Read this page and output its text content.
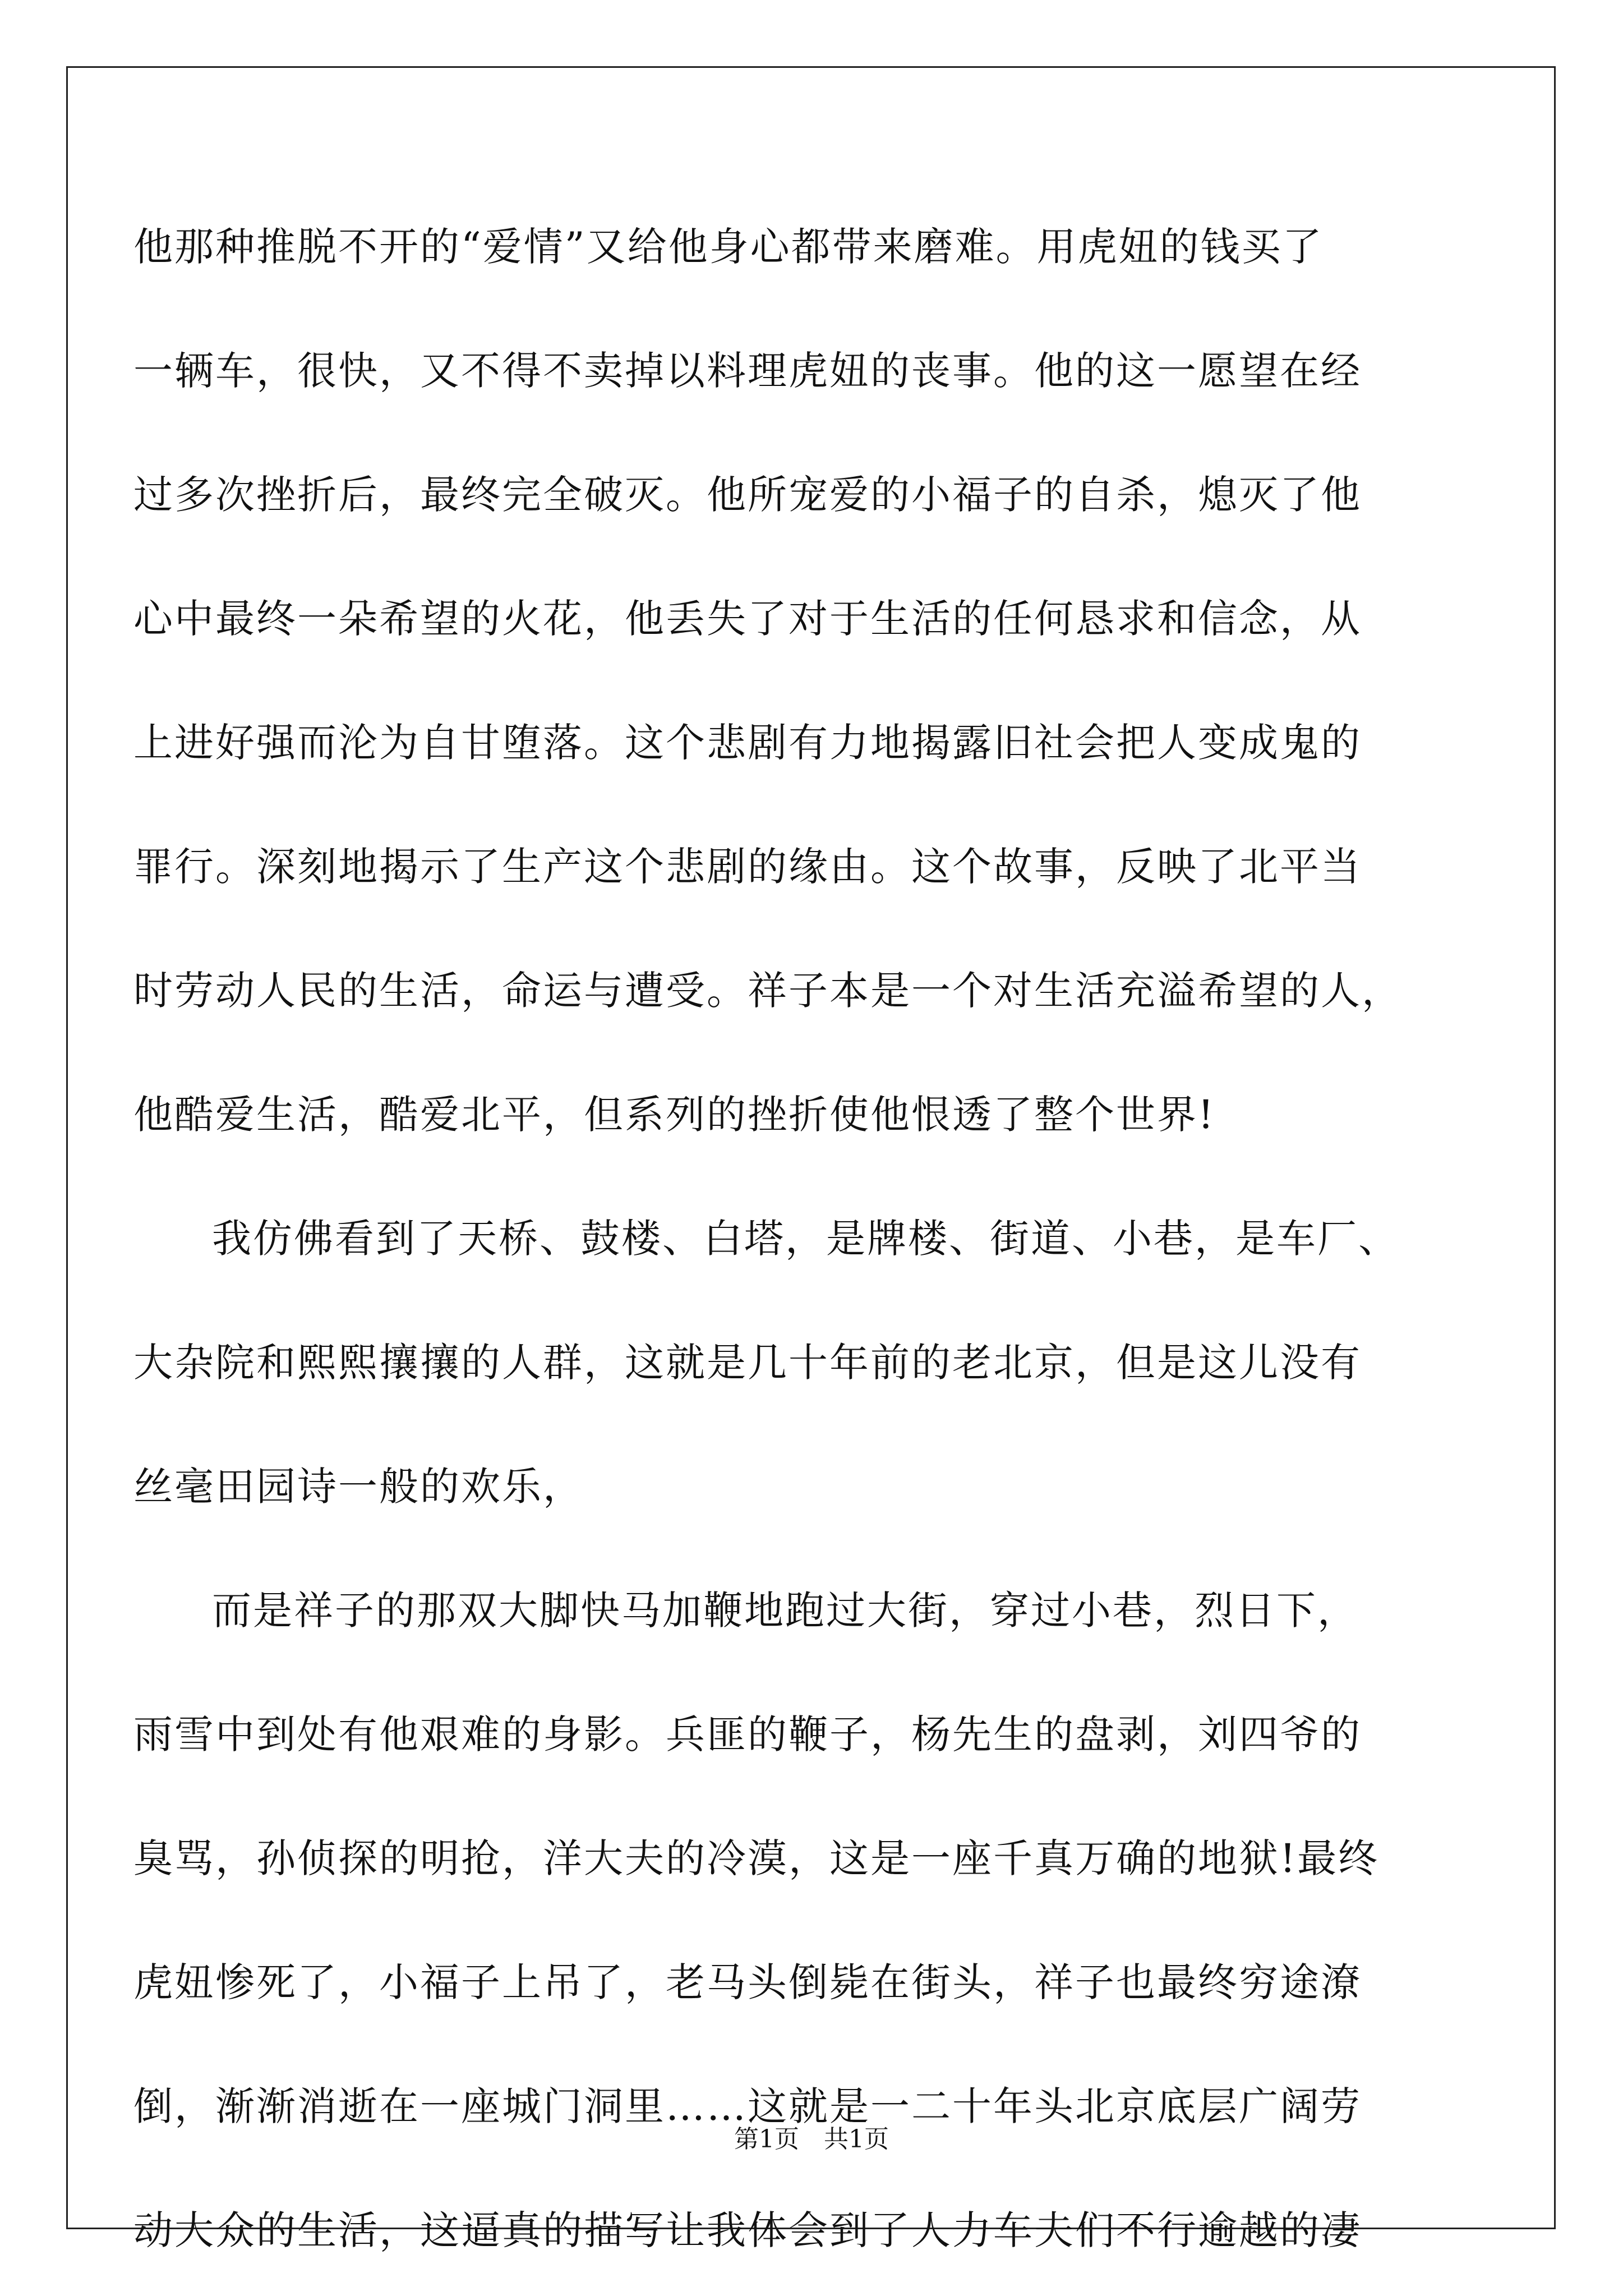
他那种推脱不开的“爱情”又给他身心都带来磨难。用虎妞的钱买了
一辆车，很快，又不得不卖掉以料理虎妞的丧事。他的这一愿望在经
过多次挫折后，最终完全破灭。他所宠爱的小福子的自杀，熄灭了他
心中最终一朵希望的火花，他丢失了对于生活的任何恳求和信念，从
上进好强而沦为自甘堕落。这个悲剧有力地揭露旧社会把人变成鬼的
罪行。深刻地揭示了生产这个悲剧的缘由。这个故事，反映了北平当
时劳动人民的生活，命运与遭受。祥子本是一个对生活充溢希望的人，
他酷爱生活，酷爱北平，但系列的挫折使他恨透了整个世界!
我仿佛看到了天桥、鼓楼、白塔，是牌楼、街道、小巷，是车厂、
大杂院和熙熙攘攘的人群，这就是几十年前的老北京，但是这儿没有
丝毫田园诗一般的欢乐，
而是祥子的那双大脚快马加鞭地跑过大街，穿过小巷，烈日下，
雨雪中到处有他艰难的身影。兵匪的鞭子，杨先生的盘剥，刘四爷的
臭骂，孙侦探的明抢，洋大夫的冷漠，这是一座千真万确的地狱!最终
虎妞惨死了，小福子上吊了，老马头倒毙在街头，祥子也最终穷途潦
倒，渐渐消逝在一座城门洞里……这就是一二十年头北京底层广阔劳
动大众的生活，这逼真的描写让我体会到了人力车夫们不行逾越的凄
第1页　共1页
